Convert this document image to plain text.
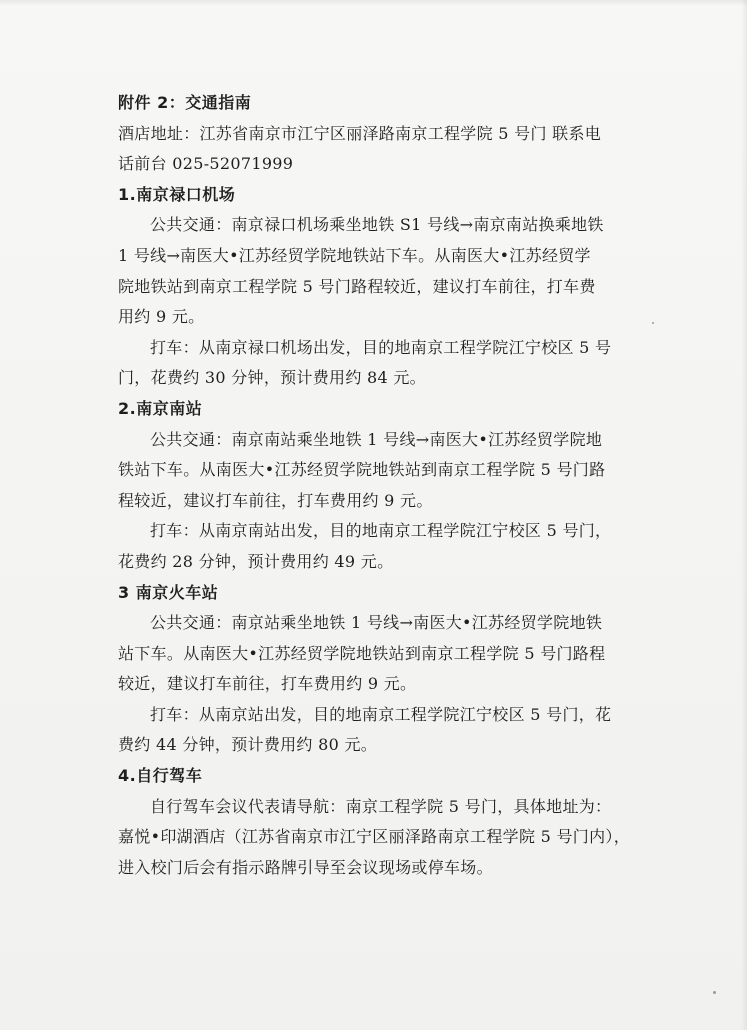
附件 2：交通指南
酒店地址：江苏省南京市江宁区丽泽路南京工程学院 5 号门 联系电
话前台 025-52071999
1.南京禄口机场
公共交通：南京禄口机场乘坐地铁 S1 号线→南京南站换乘地铁
1 号线→南医大•江苏经贸学院地铁站下车。从南医大•江苏经贸学
院地铁站到南京工程学院 5 号门路程较近，建议打车前往，打车费
用约 9 元。
打车：从南京禄口机场出发，目的地南京工程学院江宁校区 5 号
门，花费约 30 分钟，预计费用约 84 元。
2.南京南站
公共交通：南京南站乘坐地铁 1 号线→南医大•江苏经贸学院地
铁站下车。从南医大•江苏经贸学院地铁站到南京工程学院 5 号门路
程较近，建议打车前往，打车费用约 9 元。
打车：从南京南站出发，目的地南京工程学院江宁校区 5 号门，
花费约 28 分钟，预计费用约 49 元。
3 南京火车站
公共交通：南京站乘坐地铁 1 号线→南医大•江苏经贸学院地铁
站下车。从南医大•江苏经贸学院地铁站到南京工程学院 5 号门路程
较近，建议打车前往，打车费用约 9 元。
打车：从南京站出发，目的地南京工程学院江宁校区 5 号门，花
费约 44 分钟，预计费用约 80 元。
4.自行驾车
自行驾车会议代表请导航：南京工程学院 5 号门，具体地址为：
嘉悦•印湖酒店（江苏省南京市江宁区丽泽路南京工程学院 5 号门内），
进入校门后会有指示路牌引导至会议现场或停车场。
